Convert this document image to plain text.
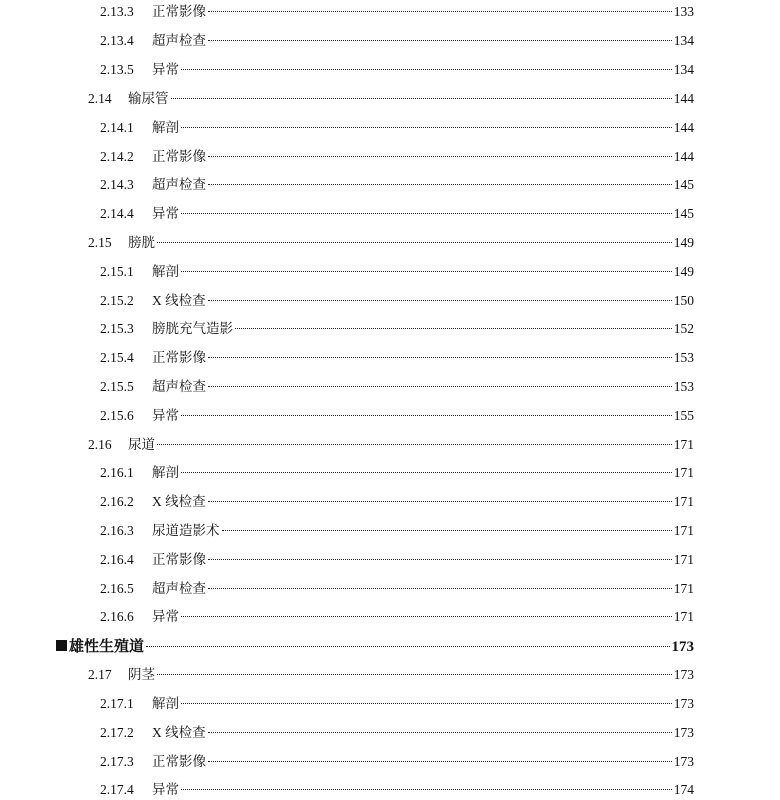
2.13.3	正常影像	133
2.13.4	超声检查	134
2.13.5	异常	134
2.14	输尿管	144
2.14.1	解剖	144
2.14.2	正常影像	144
2.14.3	超声检查	145
2.14.4	异常	145
2.15	膀胱	149
2.15.1	解剖	149
2.15.2	X 线检查	150
2.15.3	膀胱充气造影	152
2.15.4	正常影像	153
2.15.5	超声检查	153
2.15.6	异常	155
2.16	尿道	171
2.16.1	解剖	171
2.16.2	X 线检查	171
2.16.3	尿道造影术	171
2.16.4	正常影像	171
2.16.5	超声检查	171
2.16.6	异常	171
雄性生殖道	173
2.17	阴茎	173
2.17.1	解剖	173
2.17.2	X 线检查	173
2.17.3	正常影像	173
2.17.4	异常	174
